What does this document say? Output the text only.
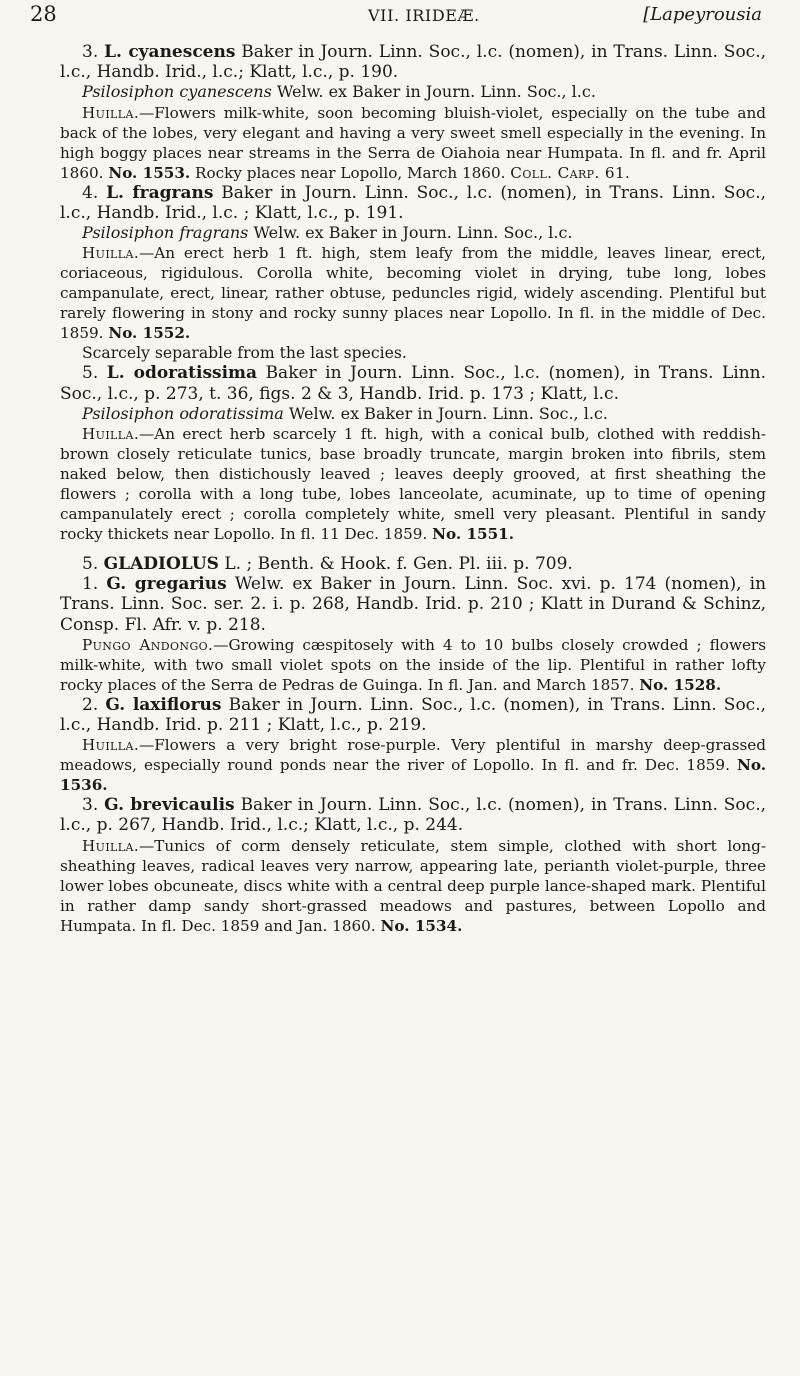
28	VII. IRIDEÆ.	[Lapeyrousia

3. L. cyanescens Baker in Journ. Linn. Soc., l.c. (nomen), in Trans. Linn. Soc., l.c., Handb. Irid., l.c.; Klatt, l.c., p. 190.

Psilosiphon cyanescens Welw. ex Baker in Journ. Linn. Soc., l.c.

Huilla.—Flowers milk-white, soon becoming bluish-violet, especially on the tube and back of the lobes, very elegant and having a very sweet smell especially in the evening. In high boggy places near streams in the Serra de Oiahoia near Humpata. In fl. and fr. April 1860. No. 1553. Rocky places near Lopollo, March 1860. Coll. Carp. 61.

4. L. fragrans Baker in Journ. Linn. Soc., l.c. (nomen), in Trans. Linn. Soc., l.c., Handb. Irid., l.c. ; Klatt, l.c., p. 191.

Psilosiphon fragrans Welw. ex Baker in Journ. Linn. Soc., l.c.

Huilla.—An erect herb 1 ft. high, stem leafy from the middle, leaves linear, erect, coriaceous, rigidulous. Corolla white, becoming violet in drying, tube long, lobes campanulate, erect, linear, rather obtuse, peduncles rigid, widely ascending. Plentiful but rarely flowering in stony and rocky sunny places near Lopollo. In fl. in the middle of Dec. 1859. No. 1552.

Scarcely separable from the last species.

5. L. odoratissima Baker in Journ. Linn. Soc., l.c. (nomen), in Trans. Linn. Soc., l.c., p. 273, t. 36, figs. 2 & 3, Handb. Irid. p. 173 ; Klatt, l.c.

Psilosiphon odoratissima Welw. ex Baker in Journ. Linn. Soc., l.c.

Huilla.—An erect herb scarcely 1 ft. high, with a conical bulb, clothed with reddish-brown closely reticulate tunics, base broadly truncate, margin broken into fibrils, stem naked below, then distichously leaved ; leaves deeply grooved, at first sheathing the flowers ; corolla with a long tube, lobes lanceolate, acuminate, up to time of opening campanulately erect ; corolla completely white, smell very pleasant. Plentiful in sandy rocky thickets near Lopollo. In fl. 11 Dec. 1859. No. 1551.

5. GLADIOLUS L. ; Benth. & Hook. f. Gen. Pl. iii. p. 709.

1. G. gregarius Welw. ex Baker in Journ. Linn. Soc. xvi. p. 174 (nomen), in Trans. Linn. Soc. ser. 2. i. p. 268, Handb. Irid. p. 210 ; Klatt in Durand & Schinz, Consp. Fl. Afr. v. p. 218.

Pungo Andongo.—Growing cæspitosely with 4 to 10 bulbs closely crowded ; flowers milk-white, with two small violet spots on the inside of the lip. Plentiful in rather lofty rocky places of the Serra de Pedras de Guinga. In fl. Jan. and March 1857. No. 1528.

2. G. laxiflorus Baker in Journ. Linn. Soc., l.c. (nomen), in Trans. Linn. Soc., l.c., Handb. Irid. p. 211 ; Klatt, l.c., p. 219.

Huilla.—Flowers a very bright rose-purple. Very plentiful in marshy deep-grassed meadows, especially round ponds near the river of Lopollo. In fl. and fr. Dec. 1859. No. 1536.

3. G. brevicaulis Baker in Journ. Linn. Soc., l.c. (nomen), in Trans. Linn. Soc., l.c., p. 267, Handb. Irid., l.c.; Klatt, l.c., p. 244.

Huilla.—Tunics of corm densely reticulate, stem simple, clothed with short long-sheathing leaves, radical leaves very narrow, appearing late, perianth violet-purple, three lower lobes obcuneate, discs white with a central deep purple lance-shaped mark. Plentiful in rather damp sandy short-grassed meadows and pastures, between Lopollo and Humpata. In fl. Dec. 1859 and Jan. 1860. No. 1534.
